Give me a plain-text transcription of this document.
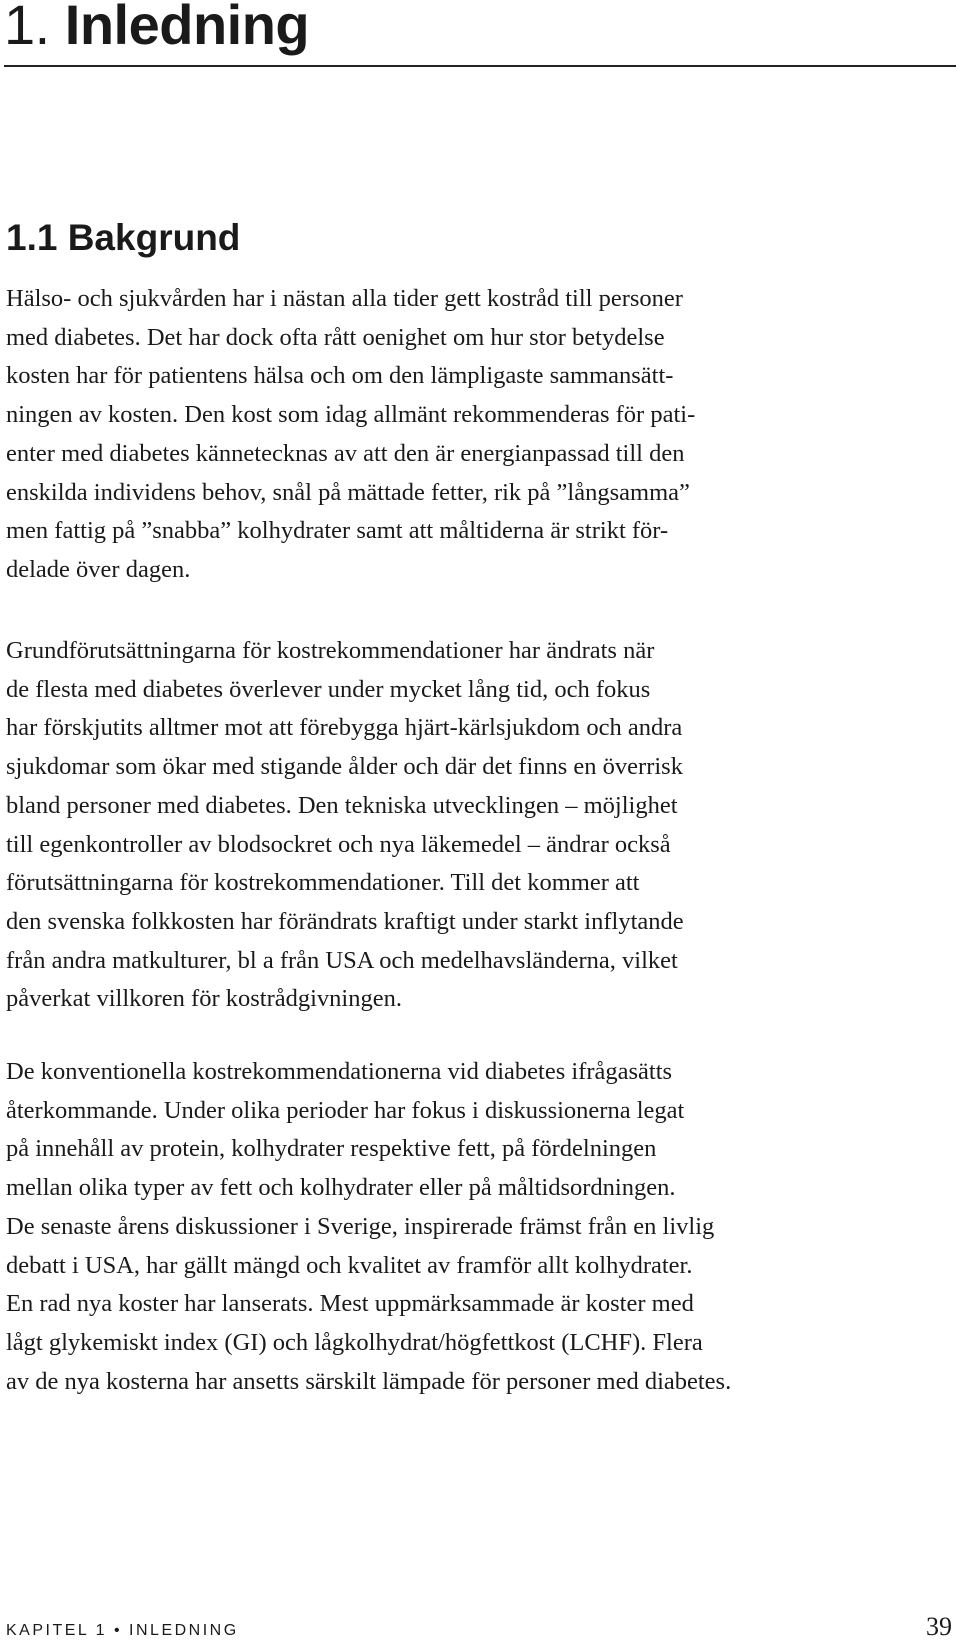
1. Inledning
1.1 Bakgrund
Hälso- och sjukvården har i nästan alla tider gett kostråd till personer
med diabetes. Det har dock ofta rått oenighet om hur stor betydelse
kosten har för patientens hälsa och om den lämpligaste sammansätt-
ningen av kosten. Den kost som idag allmänt rekommenderas för pati-
enter med diabetes kännetecknas av att den är energianpassad till den
enskilda individens behov, snål på mättade fetter, rik på ”långsamma”
men fattig på ”snabba” kolhydrater samt att måltiderna är strikt för-
delade över dagen.
Grundförutsättningarna för kostrekommendationer har ändrats när
de flesta med diabetes överlever under mycket lång tid, och fokus
har förskjutits alltmer mot att förebygga hjärt-kärlsjukdom och andra
sjukdomar som ökar med stigande ålder och där det finns en överrisk
bland personer med diabetes. Den tekniska utvecklingen – möjlighet
till egenkontroller av blodsockret och nya läkemedel – ändrar också
förutsättningarna för kostrekommendationer. Till det kommer att
den svenska folkkosten har förändrats kraftigt under starkt inflytande
från andra matkulturer, bl a från USA och medelhavsländerna, vilket
påverkat villkoren för kostrådgivningen.
De konventionella kostrekommendationerna vid diabetes ifrågasätts
återkommande. Under olika perioder har fokus i diskussionerna legat
på innehåll av protein, kolhydrater respektive fett, på fördelningen
mellan olika typer av fett och kolhydrater eller på måltidsordningen.
De senaste årens diskussioner i Sverige, inspirerade främst från en livlig
debatt i USA, har gällt mängd och kvalitet av framför allt kolhydrater.
En rad nya koster har lanserats. Mest uppmärksammade är koster med
lågt glykemiskt index (GI) och lågkolhydrat/högfettkost (LCHF). Flera
av de nya kosterna har ansetts särskilt lämpade för personer med diabetes.
KAPITEL 1 • INLEDNING	39
